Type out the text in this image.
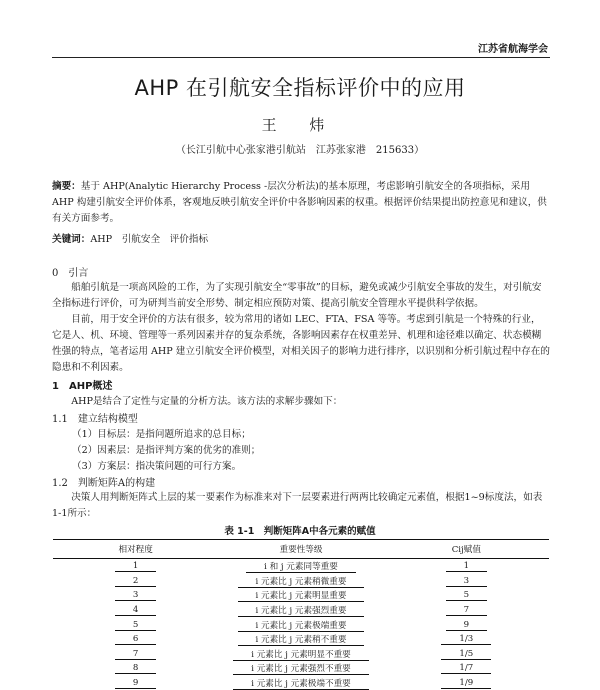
江苏省航海学会
AHP 在引航安全指标评价中的应用
王 炜
（长江引航中心张家港引航站　江苏张家港　215633）
摘要：基于 AHP(Analytic Hierarchy Process -层次分析法)的基本原理，考虑影响引航安全的各项指标，采用 AHP 构建引航安全评价体系，客观地反映引航安全评价中各影响因素的权重。根据评价结果提出防控意见和建议，供有关方面参考。
关键词：AHP　引航安全　评价指标
0　引言
船舶引航是一项高风险的工作，为了实现引航安全“零事故”的目标，避免或减少引航安全事故的发生，对引航安全指标进行评价，可为研判当前安全形势、制定相应预防对策、提高引航安全管理水平提供科学依据。
目前，用于安全评价的方法有很多，较为常用的诸如 LEC、FTA、FSA 等等。考虑到引航是一个特殊的行业，它是人、机、环境、管理等一系列因素并存的复杂系统，各影响因素存在权重差异、机理和途径难以确定、状态模糊性强的特点，笔者运用 AHP 建立引航安全评价模型，对相关因子的影响力进行排序，以识别和分析引航过程中存在的隐患和不利因素。
1　AHP概述
AHP是结合了定性与定量的分析方法。该方法的求解步骤如下：
1.1　建立结构模型
（1）目标层：是指问题所追求的总目标；
（2）因素层：是指评判方案的优劣的准则；
（3）方案层：指决策问题的可行方案。
1.2　判断矩阵A的构建
决策人用判断矩阵式上层的某一要素作为标准来对下一层要素进行两两比较确定元素值，根据1~9标度法，如表1-1所示：
表 1-1　判断矩阵A中各元素的赋值
相对程度	重要性等级	Cij赋值
1	i 和 j 元素同等重要	1
2	i 元素比 j 元素稍微重要	3
3	i 元素比 j 元素明显重要	5
4	i 元素比 j 元素强烈重要	7
5	i 元素比 j 元素极端重要	9
6	i 元素比 j 元素稍不重要	1/3
7	i 元素比 j 元素明显不重要	1/5
8	i 元素比 j 元素强烈不重要	1/7
9	i 元素比 j 元素极端不重要	1/9
